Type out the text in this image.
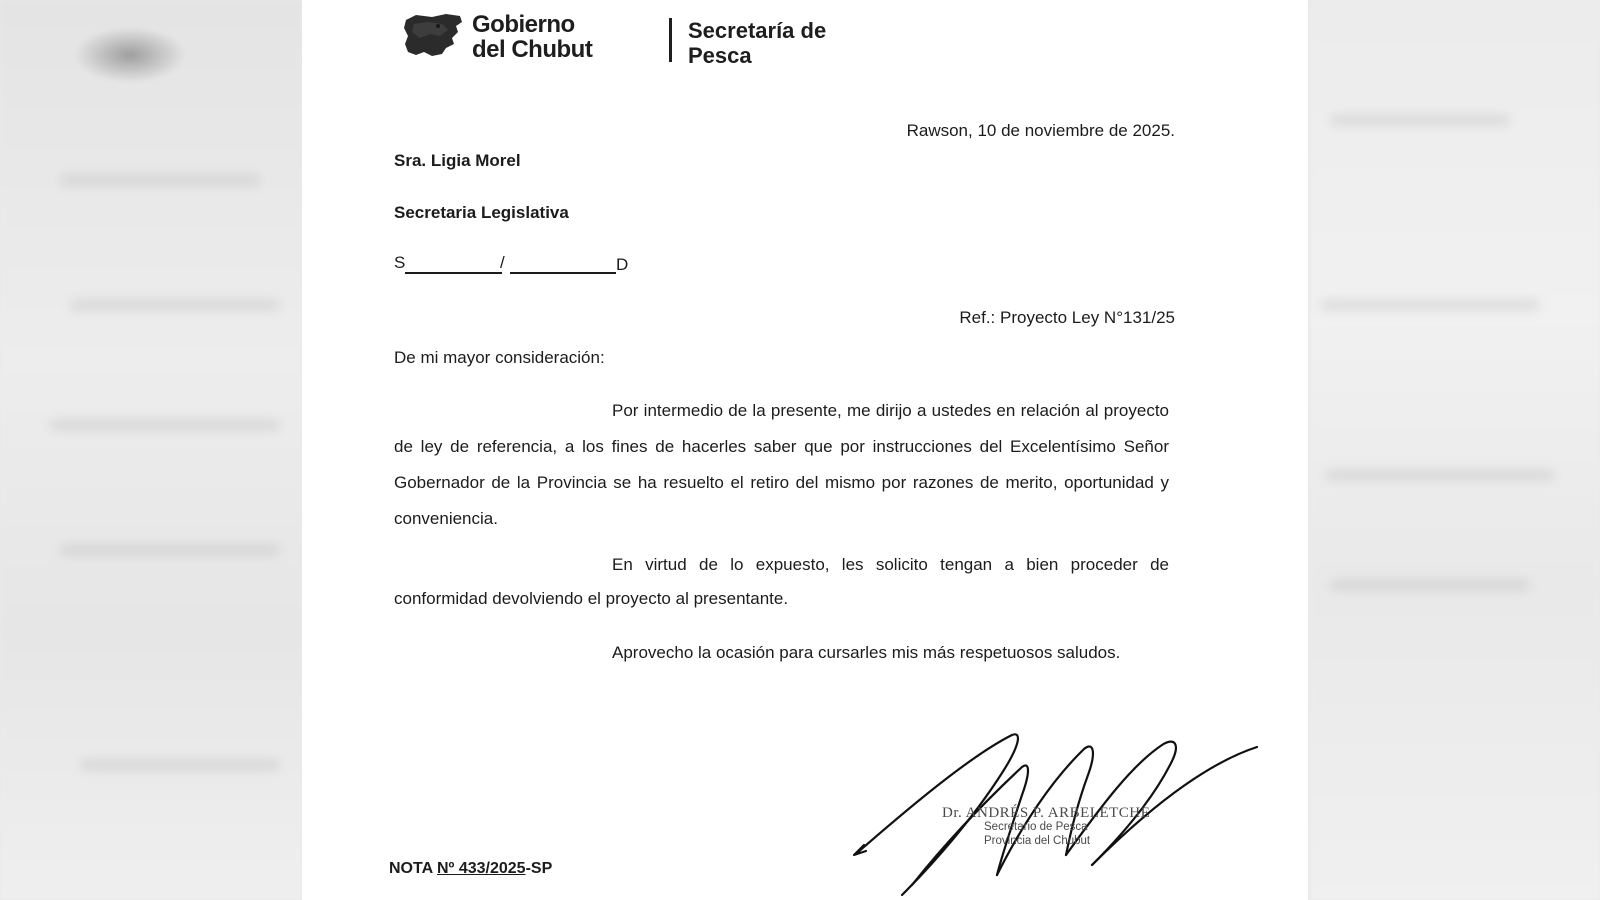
Gobierno
del Chubut
Secretaría de
Pesca
Rawson, 10 de noviembre de 2025.
Sra. Ligia Morel
Secretaria Legislativa
S	/	D
Ref.: Proyecto Ley N°131/25
De mi mayor consideración:
Por intermedio de la presente, me dirijo a ustedes en relación al proyecto de ley de referencia, a los fines de hacerles saber que por instrucciones del Excelentísimo Señor Gobernador de la Provincia se ha resuelto el retiro del mismo por razones de merito, oportunidad y conveniencia.
En virtud de lo expuesto, les solicito tengan a bien proceder de conformidad devolviendo el proyecto al presentante.
Aprovecho la ocasión para cursarles mis más respetuosos saludos.
Dr. ANDRÉS P. ARBELETCHE
Secretario de Pesca
Provincia del Chubut
NOTA Nº 433/2025-SP
